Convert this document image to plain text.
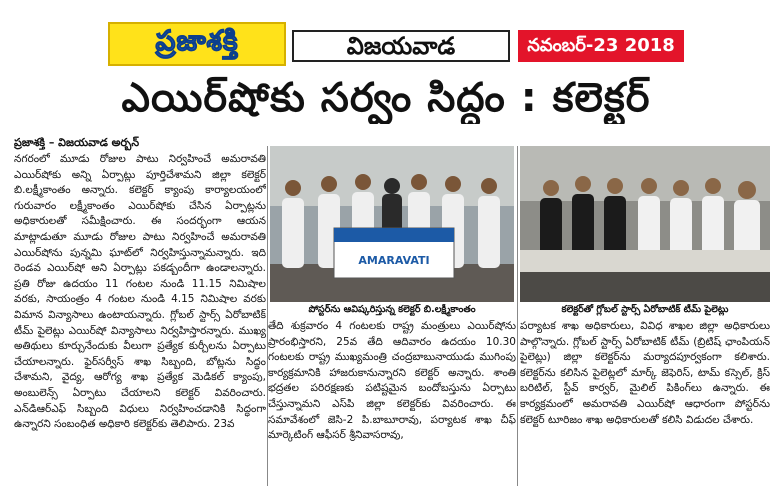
ప్రజాశక్తి	విజయవాడ	నవంబర్-23 2018
ఎయిర్‌షోకు సర్వం సిద్ధం : కలెక్టర్
ప్రజాశక్తి – విజయవాడ అర్బన్

నగరంలో మూడు రోజుల పాటు నిర్వహించే అమరావతి ఎయిర్‌షోకు అన్ని ఏర్పాట్లు పూర్తిచేశామని జిల్లా కలెక్టర్ బి.లక్ష్మీకాంతం అన్నారు. కలెక్టర్ క్యాంపు కార్యాలయంలో గురువారం లక్ష్మీకాంతం ఎయిర్‌షోకు చేసిన ఏర్పాట్లను అధికారులతో సమీక్షించారు. ఈ సందర్భంగా ఆయన మాట్లాడుతూ మూడు రోజుల పాటు నిర్వహించే అమరావతి ఎయిర్‌షోను పున్నమి ఘాట్‌లో నిర్వహిస్తున్నామన్నారు. ఇది రెండవ ఎయిర్‌షో అని ఏర్పాట్లు పకడ్బందీగా ఉండాలన్నారు. ప్రతి రోజు ఉదయం 11 గంటల నుండి 11.15 నిమిషాల వరకు, సాయంత్రం 4 గంటల నుండి 4.15 నిమిషాల వరకు విమాన విన్యాసాలు ఉంటాయన్నారు. గ్లోబల్ స్టార్స్ ఏరోబాటిక్ టీమ్ పైలెట్లు ఎయిర్‌షో విన్యాసాలు నిర్వహిస్తారన్నారు. ముఖ్య అతిథులు కూర్చునేందుకు వీలుగా ప్రత్యేక కుర్చీలను ఏర్పాటు చేయాలన్నారు. ఫైర్‌సర్వీస్ శాఖ సిబ్బంది, బోట్లను సిద్ధం చేశామని, వైద్య, ఆరోగ్య శాఖ ప్రత్యేక మెడికల్ క్యాంపు, అంబులెన్స్ ఏర్పాటు చేయాలని కలెక్టర్ వివరించారు. ఎన్‌డిఆర్‌ఎఫ్ సిబ్బంది విధులు నిర్వహించడానికి సిద్ధంగా ఉన్నారని సంబంధిత అధికారి కలెక్టర్‌కు తెలిపారు. 23వ

AMARAVATI
పోస్టర్‌ను ఆవిష్కరిస్తున్న కలెక్టర్ బి.లక్ష్మీకాంతం	కలెక్టర్‌తో గ్లోబల్ స్టార్స్ ఏరోబాటిక్ టీమ్ పైలెట్లు

తేది శుక్రవారం 4 గంటలకు రాష్ట్ర మంత్రులు ఎయిర్‌షోను ప్రారంభిస్తారని, 25వ తేది ఆదివారం ఉదయం 10.30 గంటలకు రాష్ట్ర ముఖ్యమంత్రి చంద్రబాబునాయుడు ముగింపు కార్యక్రమానికి హాజరుకానున్నారని కలెక్టర్ అన్నారు. శాంతి భద్రతల పరిరక్షణకు పటిష్టమైన బందోబస్తును ఏర్పాటు చేస్తున్నామని ఎస్‌పి జిల్లా కలెక్టర్‌కు వివరించారు. ఈ సమావేశంలో జెసి-2 పి.బాబూరావు, పర్యాటక శాఖ చీఫ్ మార్కెటింగ్ ఆఫీసర్ శ్రీనివాసరావు,

పర్యాటక శాఖ అధికారులు, వివిధ శాఖల జిల్లా అధికారులు పాల్గొన్నారు. గ్లోబల్ స్టార్స్ ఏరోబాటిక్ టీమ్ (బ్రిటిష్ ఛాంపియన్ పైలెట్లు) జిల్లా కలెక్టర్‌ను మర్యాదపూర్వకంగా కలిశారు. కలెక్టర్‌ను కలిసిన పైలెట్లలో మార్క్ జెఫెరిస్, టామ్ కస్సెల్, క్రిస్ బరిటిల్, స్టీవ్ కార్వర్, మైలిల్ పికింగ్‌లు ఉన్నారు. ఈ కార్యక్రమంలో అమరావతి ఎయిర్‌షో ఆధారంగా పోస్టర్‌ను కలెక్టర్ టూరిజం శాఖ అధికారులతో కలిసి విడుదల చేశారు.
